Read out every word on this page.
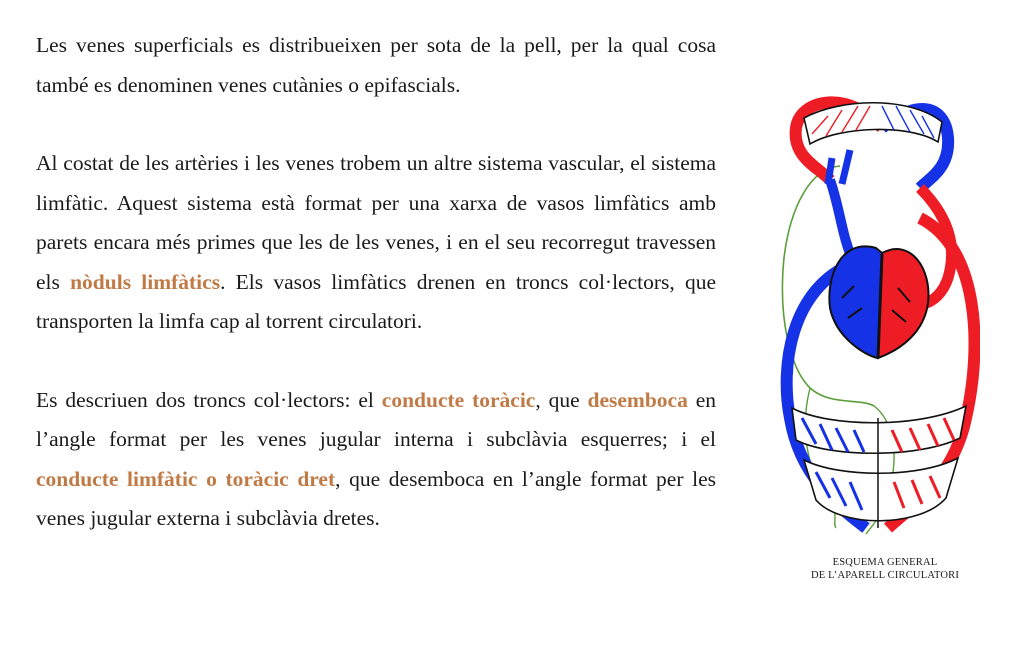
Les venes superficials es distribueixen per sota de la pell, per la qual cosa també es denominen venes cutànies o epifascials.

Al costat de les artèries i les venes trobem un altre sistema vascular, el sistema limfàtic. Aquest sistema està format per una xarxa de vasos limfàtics amb parets encara més primes que les de les venes, i en el seu recorregut travessen els nòduls limfàtics. Els vasos limfàtics drenen en troncs col·lectors, que transporten la limfa cap al torrent circulatori.

Es descriuen dos troncs col·lectors: el conducte toràcic, que desemboca en l’angle format per les venes jugular interna i subclàvia esquerres; i el conducte limfàtic o toràcic dret, que desemboca en l’angle format per les venes jugular externa i subclàvia dretes.

ESQUEMA GENERAL
DE L’APARELL CIRCULATORI
